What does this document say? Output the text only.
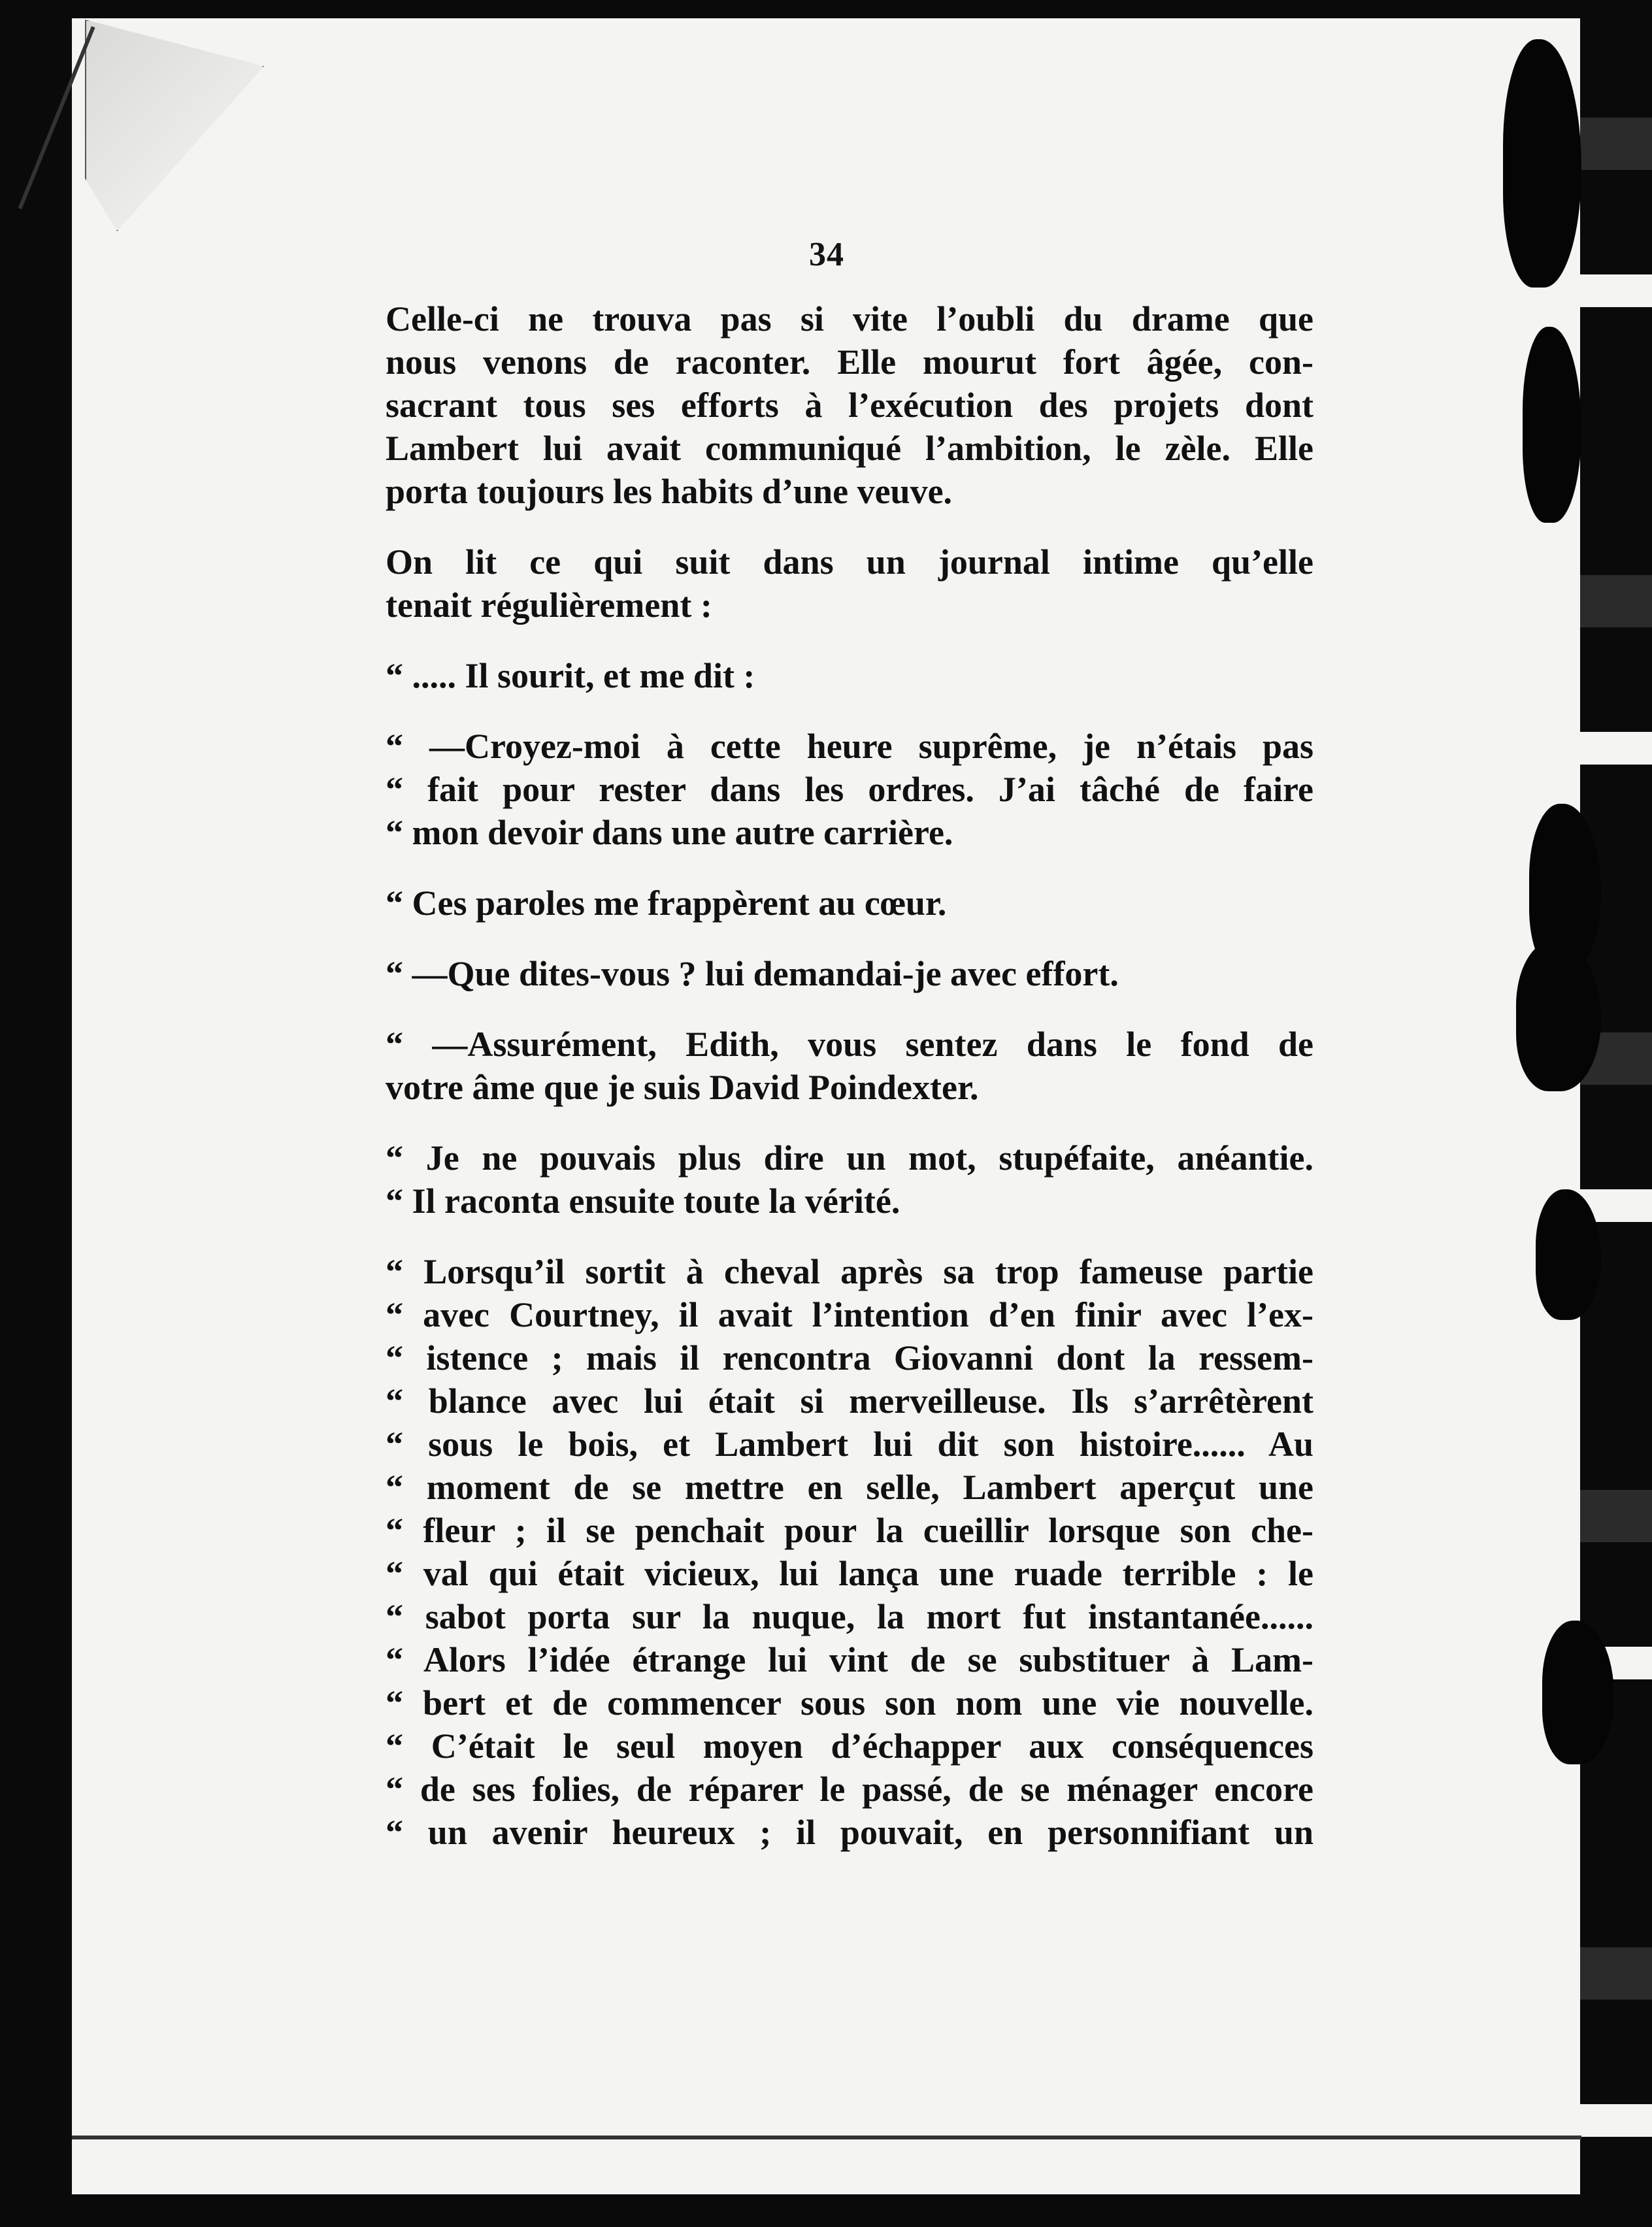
34
Celle-ci ne trouva pas si vite l’oubli du drame que
nous venons de raconter. Elle mourut fort âgée, con-
sacrant tous ses efforts à l’exécution des projets dont
Lambert lui avait communiqué l’ambition, le zèle. Elle
porta toujours les habits d’une veuve.
On lit ce qui suit dans un journal intime qu’elle
tenait régulièrement :
“ ..... Il sourit, et me dit :
“ —Croyez-moi à cette heure suprême, je n’étais pas
“ fait pour rester dans les ordres. J’ai tâché de faire
“ mon devoir dans une autre carrière.
“ Ces paroles me frappèrent au cœur.
“ —Que dites-vous ? lui demandai-je avec effort.
“ —Assurément, Edith, vous sentez dans le fond de
votre âme que je suis David Poindexter.
“ Je ne pouvais plus dire un mot, stupéfaite, anéantie.
“ Il raconta ensuite toute la vérité.
“ Lorsqu’il sortit à cheval après sa trop fameuse partie
“ avec Courtney, il avait l’intention d’en finir avec l’ex-
“ istence ; mais il rencontra Giovanni dont la ressem-
“ blance avec lui était si merveilleuse. Ils s’arrêtèrent
“ sous le bois, et Lambert lui dit son histoire...... Au
“ moment de se mettre en selle, Lambert aperçut une
“ fleur ; il se penchait pour la cueillir lorsque son che-
“ val qui était vicieux, lui lança une ruade terrible : le
“ sabot porta sur la nuque, la mort fut instantanée......
“ Alors l’idée étrange lui vint de se substituer à Lam-
“ bert et de commencer sous son nom une vie nouvelle.
“ C’était le seul moyen d’échapper aux conséquences
“ de ses folies, de réparer le passé, de se ménager encore
“ un avenir heureux ; il pouvait, en personnifiant un
